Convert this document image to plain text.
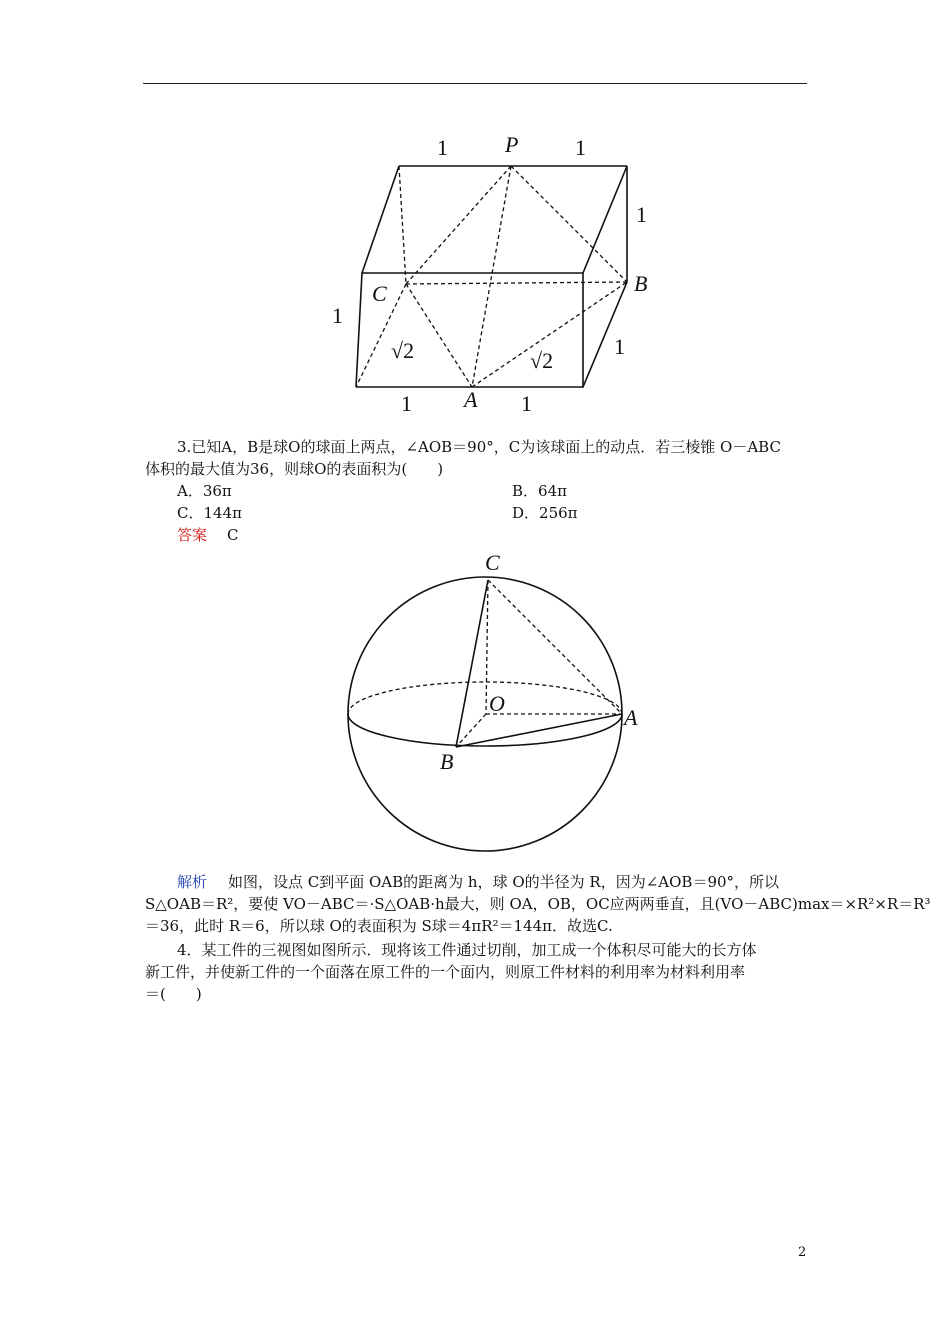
1	1
P
1
B
C
1
√2	√2
1
1 A 1
3.已知A，B是球O的球面上两点，∠AOB＝90°，C为该球面上的动点．若三棱锥 O－ABC
体积的最大值为36，则球O的表面积为(　　)
A．36π	B．64π
C．144π	D．256π
答案 C
C
O
A
B
解析 如图，设点 C到平面 OAB的距离为 h，球 O的半径为 R，因为∠AOB＝90°，所以
S△OAB＝R²，要使 VO－ABC＝·S△OAB·h最大，则 OA，OB，OC应两两垂直，且(VO－ABC)max＝×R²×R＝R³
＝36，此时 R＝6，所以球 O的表面积为 S球＝4πR²＝144π．故选C.
4．某工件的三视图如图所示．现将该工件通过切削，加工成一个体积尽可能大的长方体
新工件，并使新工件的一个面落在原工件的一个面内，则原工件材料的利用率为材料利用率
＝(　　)
2
